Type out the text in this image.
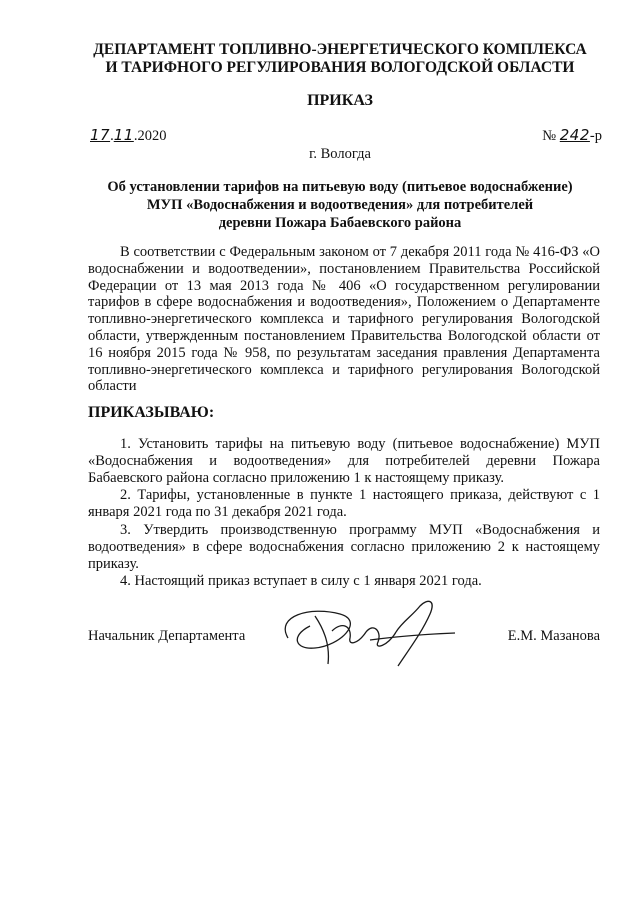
ДЕПАРТАМЕНТ ТОПЛИВНО-ЭНЕРГЕТИЧЕСКОГО КОМПЛЕКСА
И ТАРИФНОГО РЕГУЛИРОВАНИЯ ВОЛОГОДСКОЙ ОБЛАСТИ
ПРИКАЗ
17.11.2020	№ 242-р
г. Вологда
Об установлении тарифов на питьевую воду (питьевое водоснабжение)
МУП «Водоснабжения и водоотведения» для потребителей
деревни Пожара Бабаевского района
В соответствии с Федеральным законом от 7 декабря 2011 года № 416-ФЗ «О водоснабжении и водоотведении», постановлением Правительства Российской Федерации от 13 мая 2013 года № 406 «О государственном регулировании тарифов в сфере водоснабжения и водоотведения», Положением о Департаменте топливно-энергетического комплекса и тарифного регулирования Вологодской области, утвержденным постановлением Правительства Вологодской области от 16 ноября 2015 года № 958, по результатам заседания правления Департамента топливно-энергетического комплекса и тарифного регулирования Вологодской области
ПРИКАЗЫВАЮ:

1. Установить тарифы на питьевую воду (питьевое водоснабжение) МУП «Водоснабжения и водоотведения» для потребителей деревни Пожара Бабаевского района согласно приложению 1 к настоящему приказу.

2. Тарифы, установленные в пункте 1 настоящего приказа, действуют с 1 января 2021 года по 31 декабря 2021 года.

3. Утвердить производственную программу МУП «Водоснабжения и водоотведения» в сфере водоснабжения согласно приложению 2 к настоящему приказу.

4. Настоящий приказ вступает в силу с 1 января 2021 года.

Начальник Департамента	Е.М. Мазанова
